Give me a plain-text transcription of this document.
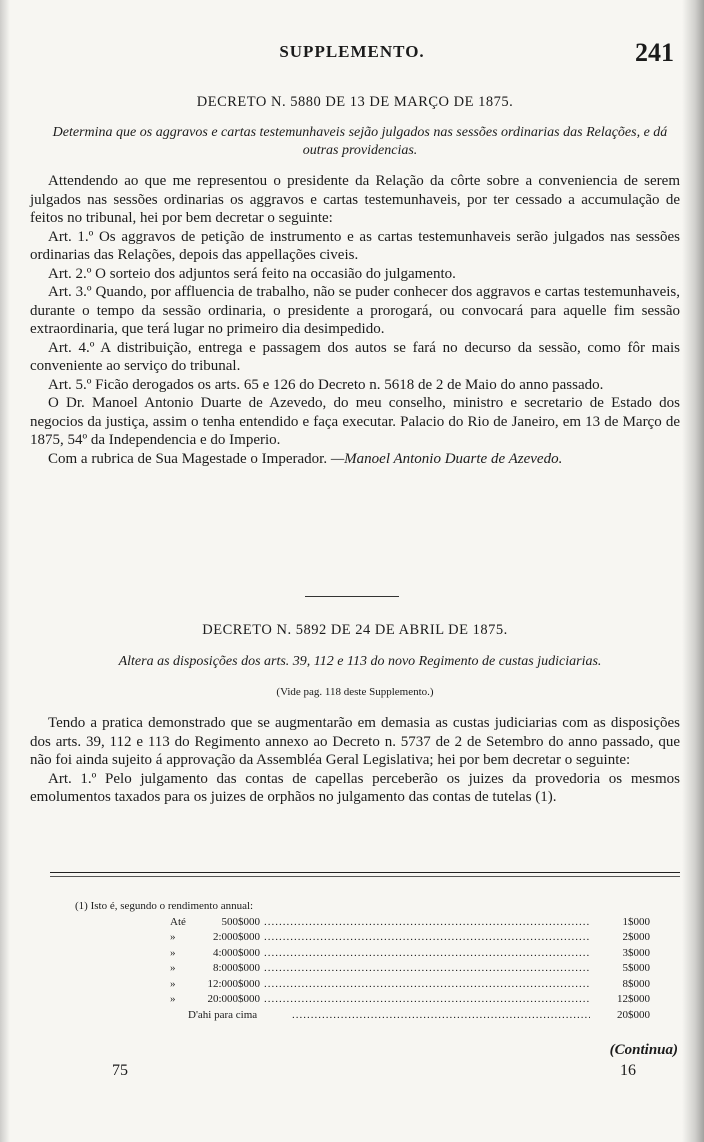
SUPPLEMENTO.	241
DECRETO N. 5880 DE 13 DE MARÇO DE 1875.
Determina que os aggravos e cartas testemunhaveis sejão julgados nas sessões ordinarias das Relações, e dá outras providencias.

Attendendo ao que me representou o presidente da Relação da côrte sobre a conveniencia de serem julgados nas sessões ordinarias os aggravos e cartas testemunhaveis, por ter cessado a accumulação de feitos no tribunal, hei por bem decretar o seguinte:

Art. 1.º Os aggravos de petição de instrumento e as cartas testemunhaveis serão julgados nas sessões ordinarias das Relações, depois das appellações civeis.

Art. 2.º O sorteio dos adjuntos será feito na occasião do julgamento.

Art. 3.º Quando, por affluencia de trabalho, não se puder conhecer dos aggravos e cartas testemunhaveis, durante o tempo da sessão ordinaria, o presidente a prorogará, ou convocará para aquelle fim sessão extraordinaria, que terá lugar no primeiro dia desimpedido.

Art. 4.º A distribuição, entrega e passagem dos autos se fará no decurso da sessão, como fôr mais conveniente ao serviço do tribunal.

Art. 5.º Ficão derogados os arts. 65 e 126 do Decreto n. 5618 de 2 de Maio do anno passado.

O Dr. Manoel Antonio Duarte de Azevedo, do meu conselho, ministro e secretario de Estado dos negocios da justiça, assim o tenha entendido e faça executar. Palacio do Rio de Janeiro, em 13 de Março de 1875, 54º da Independencia e do Imperio.

Com a rubrica de Sua Magestade o Imperador. —Manoel Antonio Duarte de Azevedo.

DECRETO N. 5892 DE 24 DE ABRIL DE 1875.
Altera as disposições dos arts. 39, 112 e 113 do novo Regimento de custas judiciarias.
(Vide pag. 118 deste Supplemento.)

Tendo a pratica demonstrado que se augmentarão em demasia as custas judiciarias com as disposições dos arts. 39, 112 e 113 do Regimento annexo ao Decreto n. 5737 de 2 de Setembro do anno passado, que não foi ainda sujeito á approvação da Assembléa Geral Legislativa; hei por bem decretar o seguinte:

Art. 1.º Pelo julgamento das contas de capellas perceberão os juizes da provedoria os mesmos emolumentos taxados para os juizes de orphãos no julgamento das contas de tutelas (1).

(1) Isto é, segundo o rendimento annual:
Até	500$000 .....	1$000
»	2:000$000 .....	2$000
»	4:000$000 .....	3$000
»	8:000$000 .....	5$000
»	12:000$000 .....	8$000
»	20:000$000 .....	12$000
D'ahi para cima .....	20$000
(Continua)
75	16
